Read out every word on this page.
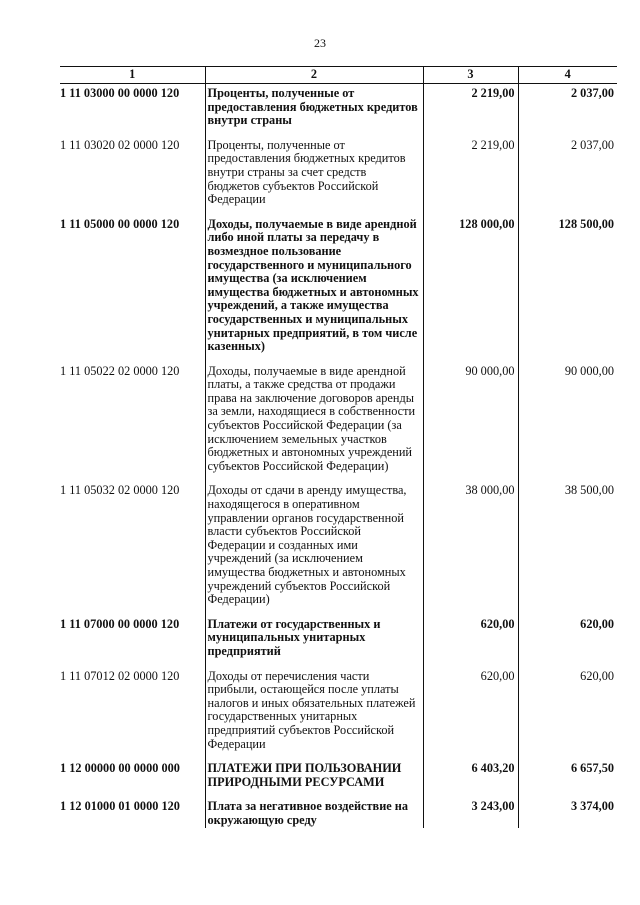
23
1	2	3	4
1 11 03000 00 0000 120	Проценты, полученные от предоставления бюджетных кредитов внутри страны	2 219,00	2 037,00

1 11 03020 02 0000 120	Проценты, полученные от предоставления бюджетных кредитов внутри страны за счет средств бюджетов субъектов Российской Федерации	2 219,00	2 037,00

1 11 05000 00 0000 120	Доходы, получаемые в виде арендной либо иной платы за передачу в возмездное пользование государственного и муниципального имущества (за исключением имущества бюджетных и автономных учреждений, а также имущества государственных и муниципальных унитарных предприятий, в том числе казенных)	128 000,00	128 500,00

1 11 05022 02 0000 120	Доходы, получаемые в виде арендной платы, а также средства от продажи права на заключение договоров аренды за земли, находящиеся в собственности субъектов Российской Федерации (за исключением земельных участков бюджетных и автономных учреждений субъектов Российской Федерации)	90 000,00	90 000,00

1 11 05032 02 0000 120	Доходы от сдачи в аренду имущества, находящегося в оперативном управлении органов государственной власти субъектов Российской Федерации и созданных ими учреждений (за исключением имущества бюджетных и автономных учреждений субъектов Российской Федерации)	38 000,00	38 500,00

1 11 07000 00 0000 120	Платежи от государственных и муниципальных унитарных предприятий	620,00	620,00

1 11 07012 02 0000 120	Доходы от перечисления части прибыли, остающейся после уплаты налогов и иных обязательных платежей государственных унитарных предприятий субъектов Российской Федерации	620,00	620,00

1 12 00000 00 0000 000	ПЛАТЕЖИ ПРИ ПОЛЬЗОВАНИИ ПРИРОДНЫМИ РЕСУРСАМИ	6 403,20	6 657,50

1 12 01000 01 0000 120	Плата за негативное воздействие на окружающую среду	3 243,00	3 374,00
